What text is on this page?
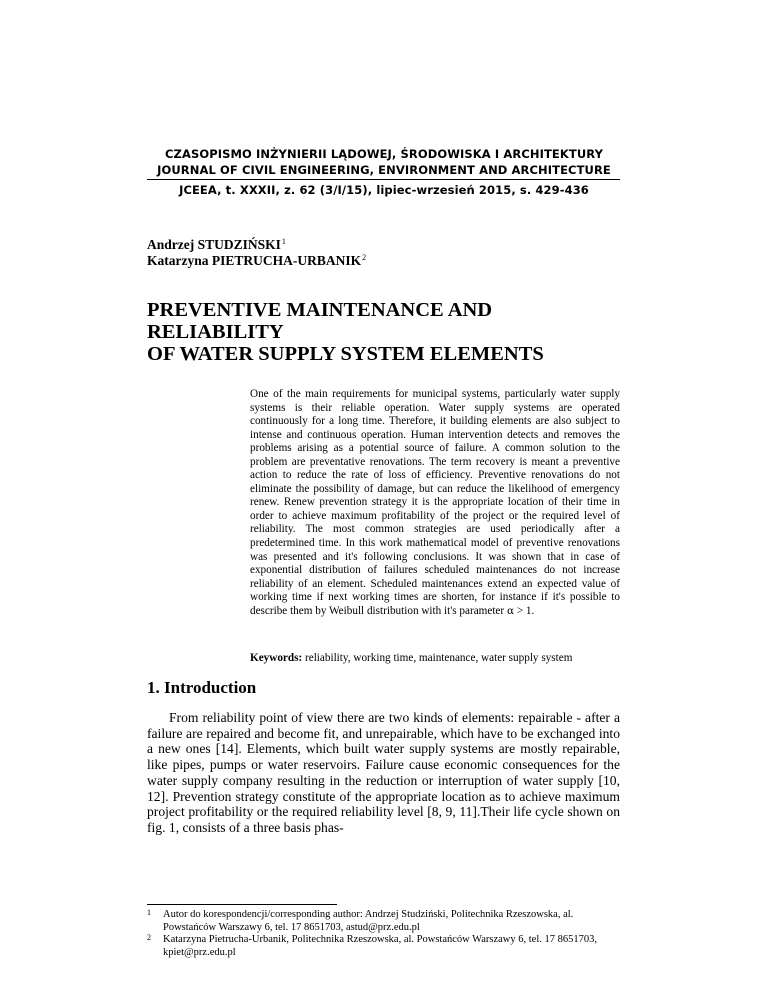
CZASOPISMO INŻYNIERII LĄDOWEJ, ŚRODOWISKA I ARCHITEKTURY
JOURNAL OF CIVIL ENGINEERING, ENVIRONMENT AND ARCHITECTURE
JCEEA, t. XXXII, z. 62 (3/I/15), lipiec-wrzesień 2015, s. 429-436
Andrzej STUDZIŃSKI$^1$
Katarzyna PIETRUCHA-URBANIK$^2$
PREVENTIVE MAINTENANCE AND RELIABILITY
OF WATER SUPPLY SYSTEM ELEMENTS

One of the main requirements for municipal systems, particularly water supply systems is their reliable operation. Water supply systems are operated continuously for a long time. Therefore, it building elements are also subject to intense and continuous operation. Human intervention detects and removes the problems arising as a potential source of failure. A common solution to the problem are preventative renovations. The term recovery is meant a preventive action to reduce the rate of loss of efficiency. Preventive renovations do not eliminate the possibility of damage, but can reduce the likelihood of emergency renew. Renew prevention strategy it is the appropriate location of their time in order to achieve maximum profitability of the project or the required level of reliability. The most common strategies are used periodically after a predetermined time. In this work mathematical model of preventive renovations was presented and it's following conclusions. It was shown that in case of exponential distribution of failures scheduled maintenances do not increase reliability of an element. Scheduled maintenances extend an expected value of working time if next working times are shorten, for instance if it's possible to describe them by Weibull distribution with it's parameter α > 1.

Keywords: reliability, working time, maintenance, water supply system
1. Introduction

From reliability point of view there are two kinds of elements: repairable - after a failure are repaired and become fit, and unrepairable, which have to be exchanged into a new ones [14]. Elements, which built water supply systems are mostly repairable, like pipes, pumps or water reservoirs. Failure cause economic consequences for the water supply company resulting in the reduction or interruption of water supply [10, 12]. Prevention strategy constitute of the appropriate location as to achieve maximum project profitability or the required reliability level [8, 9, 11].Their life cycle shown on fig. 1, consists of a three basis phas-

1	Autor do korespondencji/corresponding author: Andrzej Studziński, Politechnika Rzeszowska, al. Powstańców Warszawy 6, tel. 17 8651703, astud@prz.edu.pl
2	Katarzyna Pietrucha-Urbanik, Politechnika Rzeszowska, al. Powstańców Warszawy 6, tel. 17 8651703, kpiet@prz.edu.pl
